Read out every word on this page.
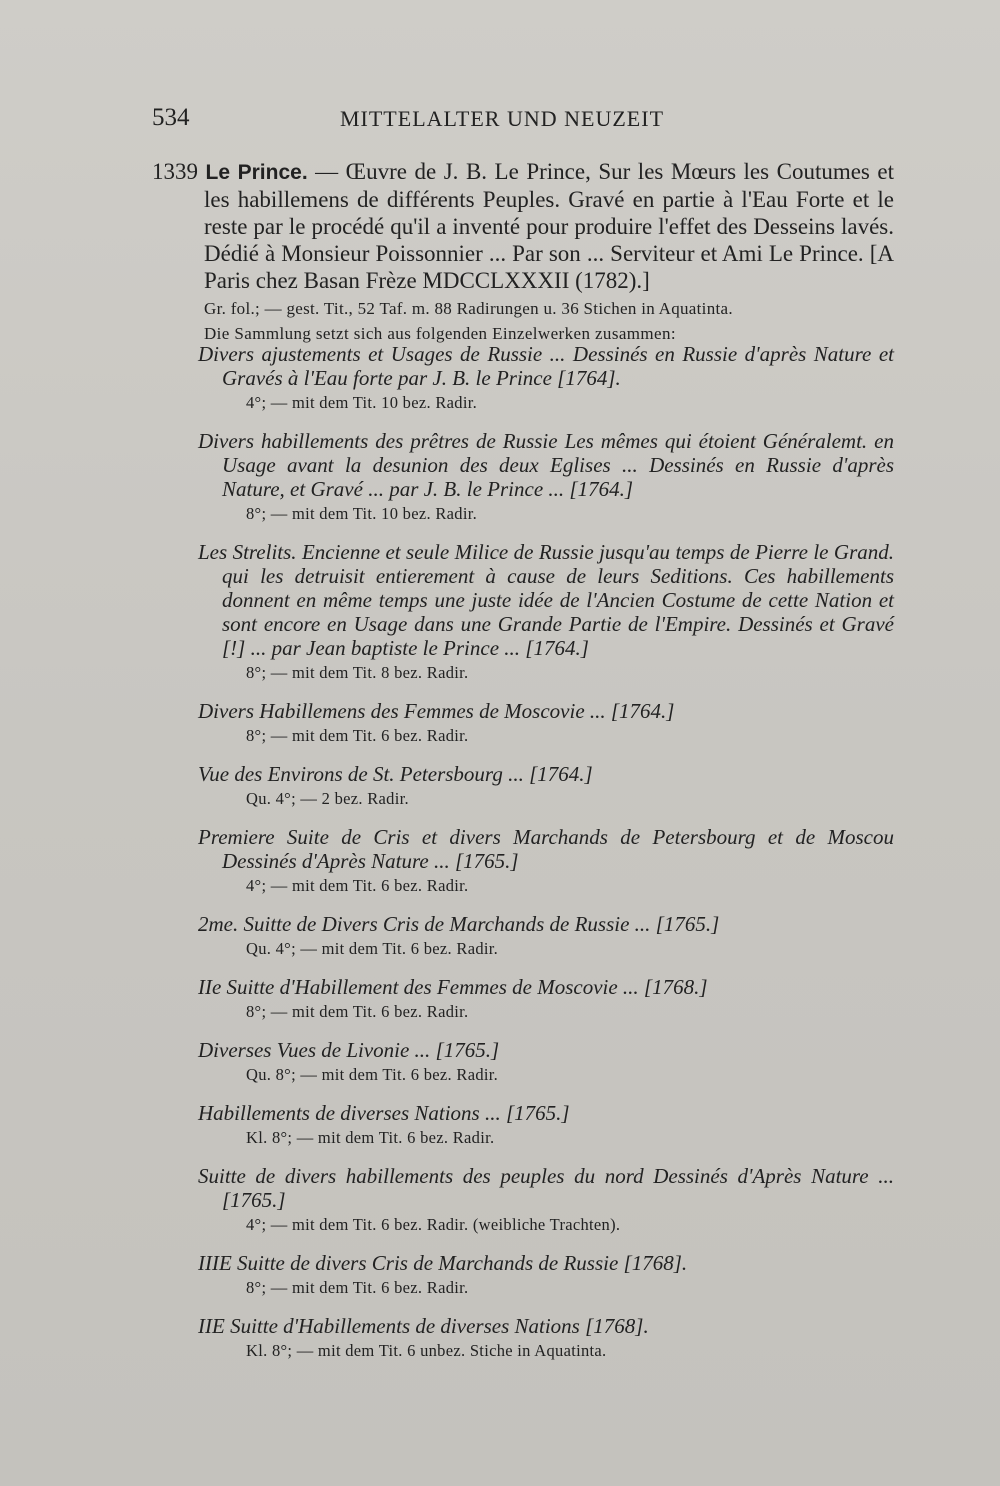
534	MITTELALTER UND NEUZEIT

1339 Le Prince. — Œuvre de J. B. Le Prince, Sur les Mœurs les Coutumes et les habillemens de différents Peuples. Gravé en partie à l'Eau Forte et le reste par le procédé qu'il a inventé pour produire l'effet des Desseins lavés. Dédié à Monsieur Poissonnier ... Par son ... Serviteur et Ami Le Prince. [A Paris chez Basan Frèze MDCCLXXXII (1782).]

Gr. fol.; — gest. Tit., 52 Taf. m. 88 Radirungen u. 36 Stichen in Aquatinta.

Die Sammlung setzt sich aus folgenden Einzelwerken zusammen:

Divers ajustements et Usages de Russie ... Dessinés en Russie d'après Nature et Gravés à l'Eau forte par J. B. le Prince [1764].

4°; — mit dem Tit. 10 bez. Radir.

Divers habillements des prêtres de Russie Les mêmes qui étoient Généralemt. en Usage avant la desunion des deux Eglises ... Dessinés en Russie d'après Nature, et Gravé ... par J. B. le Prince ... [1764.]

8°; — mit dem Tit. 10 bez. Radir.

Les Strelits. Encienne et seule Milice de Russie jusqu'au temps de Pierre le Grand. qui les detruisit entierement à cause de leurs Seditions. Ces habillements donnent en même temps une juste idée de l'Ancien Costume de cette Nation et sont encore en Usage dans une Grande Partie de l'Empire. Dessinés et Gravé [!] ... par Jean baptiste le Prince ... [1764.]

8°; — mit dem Tit. 8 bez. Radir.

Divers Habillemens des Femmes de Moscovie ... [1764.]

8°; — mit dem Tit. 6 bez. Radir.

Vue des Environs de St. Petersbourg ... [1764.]

Qu. 4°; — 2 bez. Radir.

Premiere Suite de Cris et divers Marchands de Petersbourg et de Moscou Dessinés d'Après Nature ... [1765.]

4°; — mit dem Tit. 6 bez. Radir.

2me. Suitte de Divers Cris de Marchands de Russie ... [1765.]

Qu. 4°; — mit dem Tit. 6 bez. Radir.

IIe Suitte d'Habillement des Femmes de Moscovie ... [1768.]

8°; — mit dem Tit. 6 bez. Radir.

Diverses Vues de Livonie ... [1765.]

Qu. 8°; — mit dem Tit. 6 bez. Radir.

Habillements de diverses Nations ... [1765.]

Kl. 8°; — mit dem Tit. 6 bez. Radir.

Suitte de divers habillements des peuples du nord Dessinés d'Après Nature ... [1765.]

4°; — mit dem Tit. 6 bez. Radir. (weibliche Trachten).

IIIE Suitte de divers Cris de Marchands de Russie [1768].

8°; — mit dem Tit. 6 bez. Radir.

IIE Suitte d'Habillements de diverses Nations [1768].

Kl. 8°; — mit dem Tit. 6 unbez. Stiche in Aquatinta.
